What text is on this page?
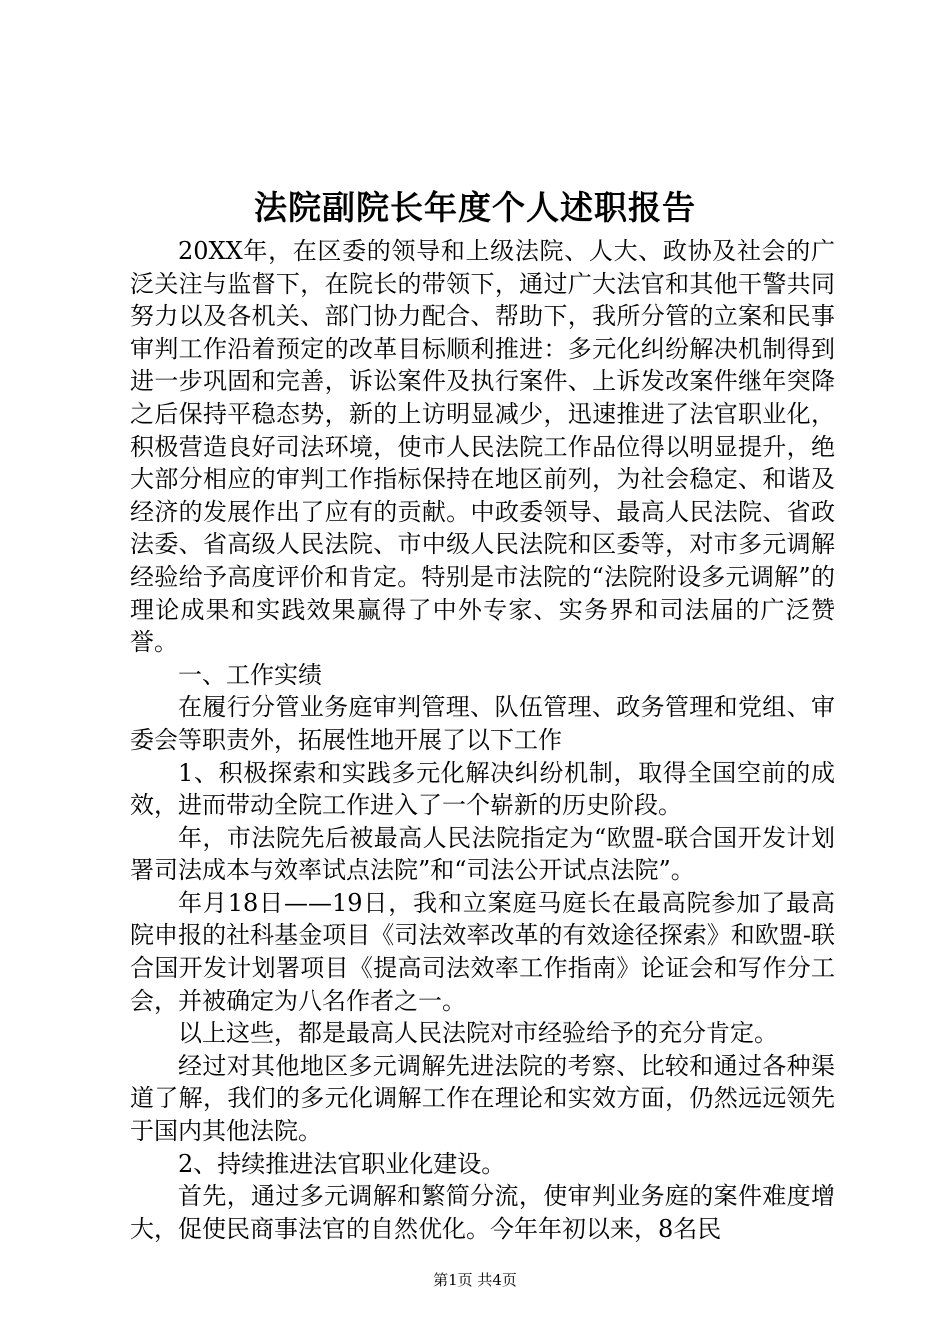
法院副院长年度个人述职报告

20XX年，在区委的领导和上级法院、人大、政协及社会的广泛关注与监督下，在院长的带领下，通过广大法官和其他干警共同努力以及各机关、部门协力配合、帮助下，我所分管的立案和民事审判工作沿着预定的改革目标顺利推进：多元化纠纷解决机制得到进一步巩固和完善，诉讼案件及执行案件、上诉发改案件继年突降之后保持平稳态势，新的上访明显减少，迅速推进了法官职业化，积极营造良好司法环境，使市人民法院工作品位得以明显提升，绝大部分相应的审判工作指标保持在地区前列，为社会稳定、和谐及经济的发展作出了应有的贡献。中政委领导、最高人民法院、省政法委、省高级人民法院、市中级人民法院和区委等，对市多元调解经验给予高度评价和肯定。特别是市法院的“法院附设多元调解”的理论成果和实践效果赢得了中外专家、实务界和司法届的广泛赞誉。

一、工作实绩

在履行分管业务庭审判管理、队伍管理、政务管理和党组、审委会等职责外，拓展性地开展了以下工作

1、积极探索和实践多元化解决纠纷机制，取得全国空前的成效，进而带动全院工作进入了一个崭新的历史阶段。

年，市法院先后被最高人民法院指定为“欧盟-联合国开发计划署司法成本与效率试点法院”和“司法公开试点法院”。

年月18日——19日，我和立案庭马庭长在最高院参加了最高院申报的社科基金项目《司法效率改革的有效途径探索》和欧盟-联合国开发计划署项目《提高司法效率工作指南》论证会和写作分工会，并被确定为八名作者之一。

以上这些，都是最高人民法院对市经验给予的充分肯定。

经过对其他地区多元调解先进法院的考察、比较和通过各种渠道了解，我们的多元化调解工作在理论和实效方面，仍然远远领先于国内其他法院。

2、持续推进法官职业化建设。

首先，通过多元调解和繁简分流，使审判业务庭的案件难度增大，促使民商事法官的自然优化。今年年初以来，8名民

第1页 共4页
